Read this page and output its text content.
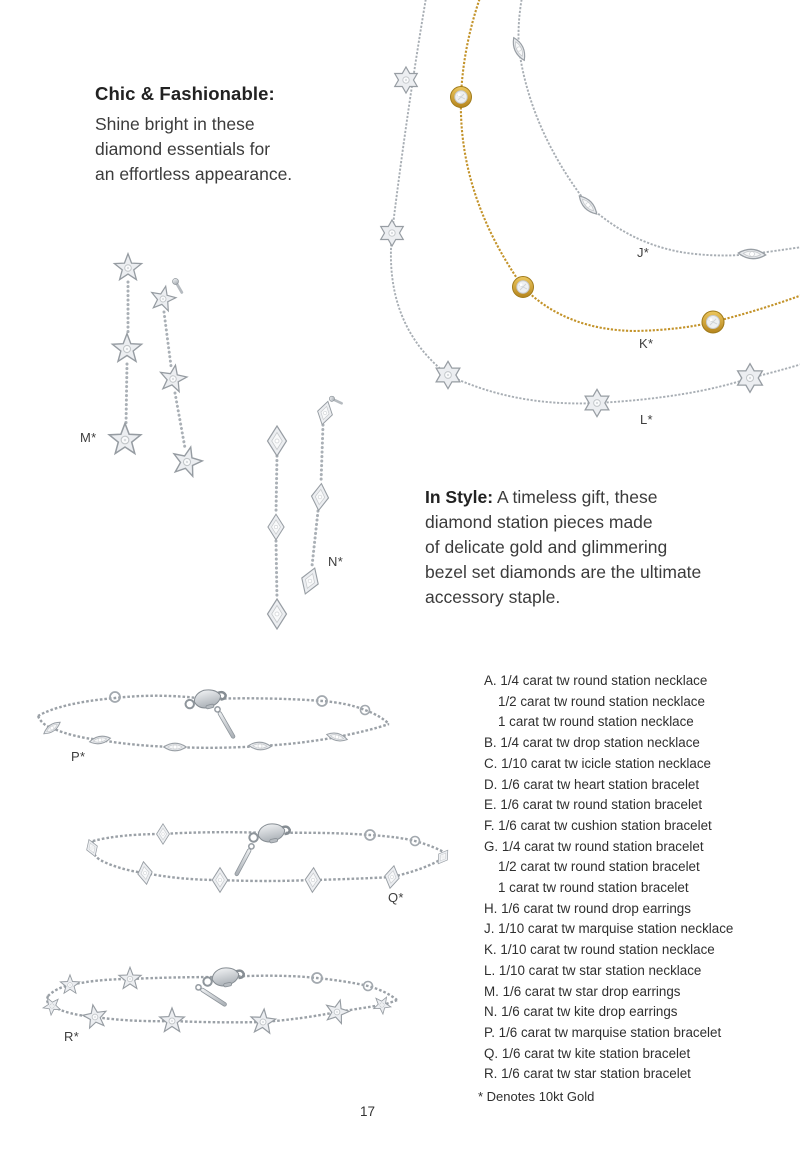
Chic & Fashionable:
Shine bright in these
diamond essentials for
an effortless appearance.
In Style: A timeless gift, these
diamond station pieces made
of delicate gold and glimmering
bezel set diamonds are the ultimate
accessory staple.
J*
K*
L*
M*
N*
P*
Q*
R*
A. 1/4 carat tw round station necklace
1/2 carat tw round station necklace
1 carat tw round station necklace
B. 1/4 carat tw drop station necklace
C. 1/10 carat tw icicle station necklace
D. 1/6 carat tw heart station bracelet
E. 1/6 carat tw round station bracelet
F. 1/6 carat tw cushion station bracelet
G. 1/4 carat tw round station bracelet
1/2 carat tw round station bracelet
1 carat tw round station bracelet
H. 1/6 carat tw round drop earrings
J. 1/10 carat tw marquise station necklace
K. 1/10 carat tw round station necklace
L. 1/10 carat tw star station necklace
M. 1/6 carat tw star drop earrings
N. 1/6 carat tw kite drop earrings
P. 1/6 carat tw marquise station bracelet
Q. 1/6 carat tw kite station bracelet
R. 1/6 carat tw star station bracelet
* Denotes 10kt Gold
17
